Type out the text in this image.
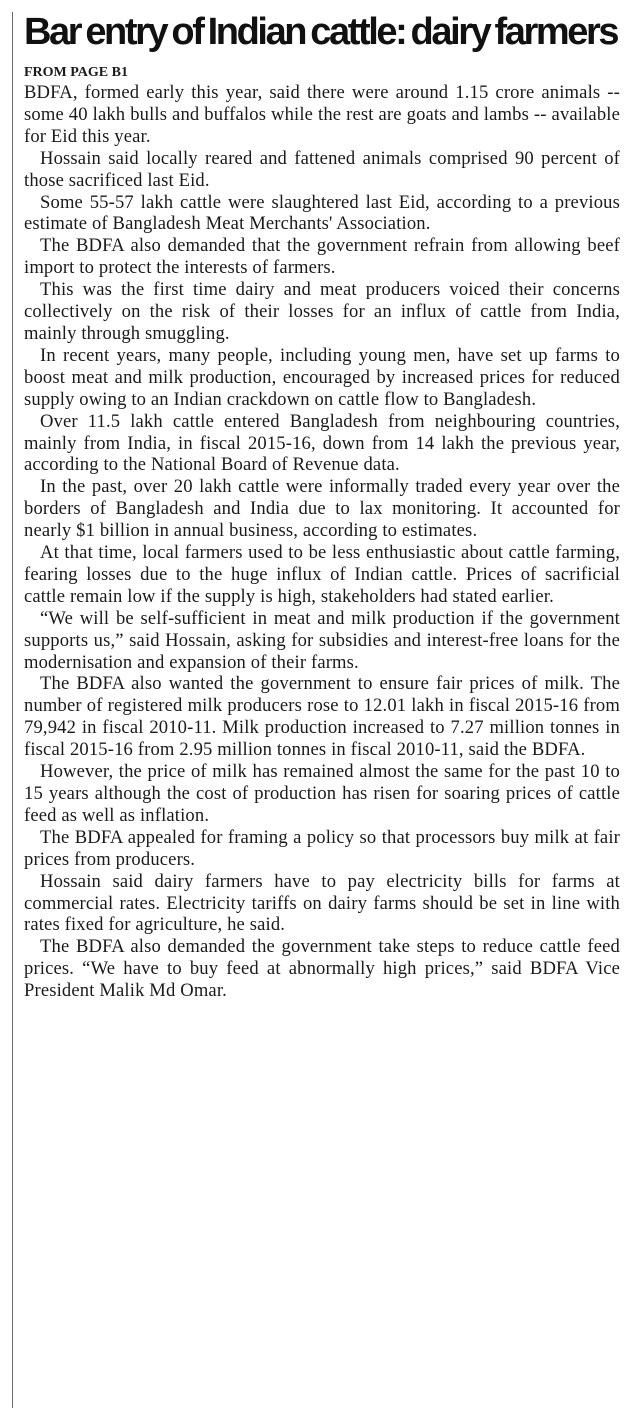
Bar entry of Indian cattle: dairy farmers

FROM PAGE B1

BDFA, formed early this year, said there were around 1.15 crore animals -- some 40 lakh bulls and buffalos while the rest are goats and lambs -- available for Eid this year.

Hossain said locally reared and fattened animals comprised 90 percent of those sacrificed last Eid.

Some 55-57 lakh cattle were slaughtered last Eid, according to a previous estimate of Bangladesh Meat Merchants' Association.

The BDFA also demanded that the government refrain from allowing beef import to protect the interests of farmers.

This was the first time dairy and meat producers voiced their concerns collectively on the risk of their losses for an influx of cattle from India, mainly through smuggling.

In recent years, many people, including young men, have set up farms to boost meat and milk production, encouraged by increased prices for reduced supply owing to an Indian crackdown on cattle flow to Bangladesh.

Over 11.5 lakh cattle entered Bangladesh from neighbouring countries, mainly from India, in fiscal 2015-16, down from 14 lakh the previous year, according to the National Board of Revenue data.

In the past, over 20 lakh cattle were informally traded every year over the borders of Bangladesh and India due to lax monitoring. It accounted for nearly $1 billion in annual business, according to estimates.

At that time, local farmers used to be less enthusiastic about cattle farming, fearing losses due to the huge influx of Indian cattle. Prices of sacrificial cattle remain low if the supply is high, stakeholders had stated earlier.

“We will be self-sufficient in meat and milk production if the government supports us,” said Hossain, asking for subsidies and interest-free loans for the modernisation and expansion of their farms.

The BDFA also wanted the government to ensure fair prices of milk. The number of registered milk producers rose to 12.01 lakh in fiscal 2015-16 from 79,942 in fiscal 2010-11. Milk production increased to 7.27 million tonnes in fiscal 2015-16 from 2.95 million tonnes in fiscal 2010-11, said the BDFA.

However, the price of milk has remained almost the same for the past 10 to 15 years although the cost of production has risen for soaring prices of cattle feed as well as inflation.

The BDFA appealed for framing a policy so that processors buy milk at fair prices from producers.

Hossain said dairy farmers have to pay electricity bills for farms at commercial rates. Electricity tariffs on dairy farms should be set in line with rates fixed for agriculture, he said.

The BDFA also demanded the government take steps to reduce cattle feed prices. “We have to buy feed at abnormally high prices,” said BDFA Vice President Malik Md Omar.
